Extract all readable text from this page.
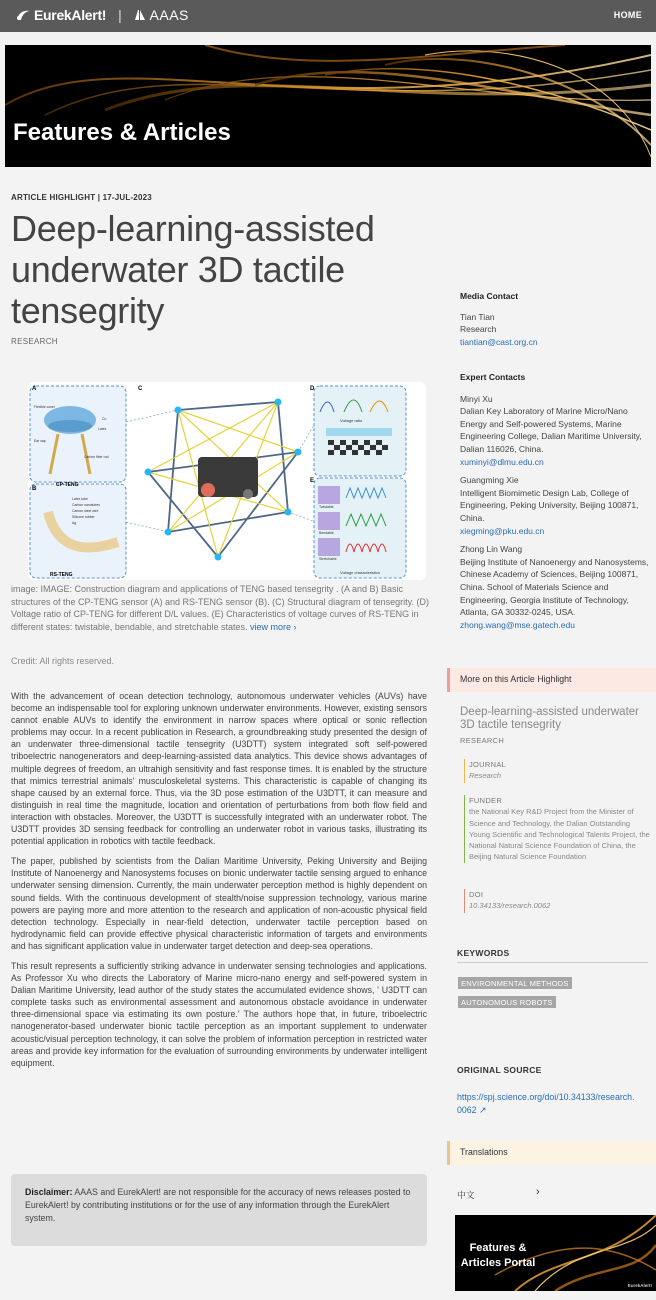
EurekAlert! | AAAS	HOME
Features & Articles
ARTICLE HIGHLIGHT | 17-JUL-2023
Deep-learning-assisted underwater 3D tactile tensegrity
RESEARCH
A
Flexible cover
Ear cap
Carbon fiber rod
Latex
Cu
B
CP-TENG
Latex tube
Carbon nanotubes
Carbon steel wire
Silicone rubber
Ag
RS-TENG
C	D
Voltage ratio
E
Twistable
Bendable
Stretchable
Voltage characteristics
image: IMAGE: Construction diagram and applications of TENG based tensegrity . (A and B) Basic structures of the CP-TENG sensor (A) and RS-TENG sensor (B). (C) Structural diagram of tensegrity. (D) Voltage ratio of CP-TENG for different D/L values. (E) Characteristics of voltage curves of RS-TENG in different states: twistable, bendable, and stretchable states. view more ›
Credit: All rights reserved.

With the advancement of ocean detection technology, autonomous underwater vehicles (AUVs) have become an indispensable tool for exploring unknown underwater environments. However, existing sensors cannot enable AUVs to identify the environment in narrow spaces where optical or sonic reflection problems may occur. In a recent publication in Research, a groundbreaking study presented the design of an underwater three-dimensional tactile tensegrity (U3DTT) system integrated soft self-powered triboelectric nanogenerators and deep-learning-assisted data analytics. This device shows advantages of multiple degrees of freedom, an ultrahigh sensitivity and fast response times. It is enabled by the structure that mimics terrestrial animals' musculoskeletal systems. This characteristic is capable of changing its shape caused by an external force. Thus, via the 3D pose estimation of the U3DTT, it can measure and distinguish in real time the magnitude, location and orientation of perturbations from both flow field and interaction with obstacles. Moreover, the U3DTT is successfully integrated with an underwater robot. The U3DTT provides 3D sensing feedback for controlling an underwater robot in various tasks, illustrating its potential application in robotics with tactile feedback.

The paper, published by scientists from the Dalian Maritime University, Peking University and Beijing Institute of Nanoenergy and Nanosystems focuses on bionic underwater tactile sensing argued to enhance underwater sensing dimension. Currently, the main underwater perception method is highly dependent on sound fields. With the continuous development of stealth/noise suppression technology, various marine powers are paying more and more attention to the research and application of non-acoustic physical field detection technology. Especially in near-field detection, underwater tactile perception based on hydrodynamic field can provide effective physical characteristic information of targets and environments and has significant application value in underwater target detection and deep-sea operations.

This result represents a sufficiently striking advance in underwater sensing technologies and applications. As Professor Xu who directs the Laboratory of Marine micro-nano energy and self-powered system in Dalian Maritime University, lead author of the study states the accumulated evidence shows, ' U3DTT can complete tasks such as environmental assessment and autonomous obstacle avoidance in underwater three-dimensional space via estimating its own posture.' The authors hope that, in future, triboelectric nanogenerator-based underwater bionic tactile perception as an important supplement to underwater acoustic/visual perception technology, it can solve the problem of information perception in restricted water areas and provide key information for the evaluation of surrounding environments by underwater intelligent equipment.

Disclaimer: AAAS and EurekAlert! are not responsible for the accuracy of news releases posted to EurekAlert! by contributing institutions or for the use of any information through the EurekAlert system.
Media Contact
Tian Tian
Research
tiantian@cast.org.cn
Expert Contacts
Minyi Xu
Dalian Key Laboratory of Marine Micro/Nano Energy and Self-powered Systems, Marine Engineering College, Dalian Maritime University, Dalian 116026, China.
xuminyi@dlmu.edu.cn
Guangming Xie
Intelligent Biomimetic Design Lab, College of Engineering, Peking University, Beijing 100871, China.
xiegming@pku.edu.cn
Zhong Lin Wang
Beijing Institute of Nanoenergy and Nanosystems, Chinese Academy of Sciences, Beijing 100871, China. School of Materials Science and Engineering, Georgia Institute of Technology, Atlanta, GA 30332-0245, USA.
zhong.wang@mse.gatech.edu
More on this Article Highlight
Deep-learning-assisted underwater 3D tactile tensegrity
RESEARCH
JOURNAL
Research
FUNDER
the National Key R&D Project from the Minister of Science and Technology, the Dalian Outstanding Young Scientific and Technological Talents Project, the National Natural Science Foundation of China, the Beijing Natural Science Foundation
DOI
10.34133/research.0062
KEYWORDS
ENVIRONMENTAL METHODS
AUTONOMOUS ROBOTS
ORIGINAL SOURCE
https://spj.science.org/doi/10.34133/research.0062 ↗
Translations
中文	›
Features & Articles Portal
EurekAlert!
